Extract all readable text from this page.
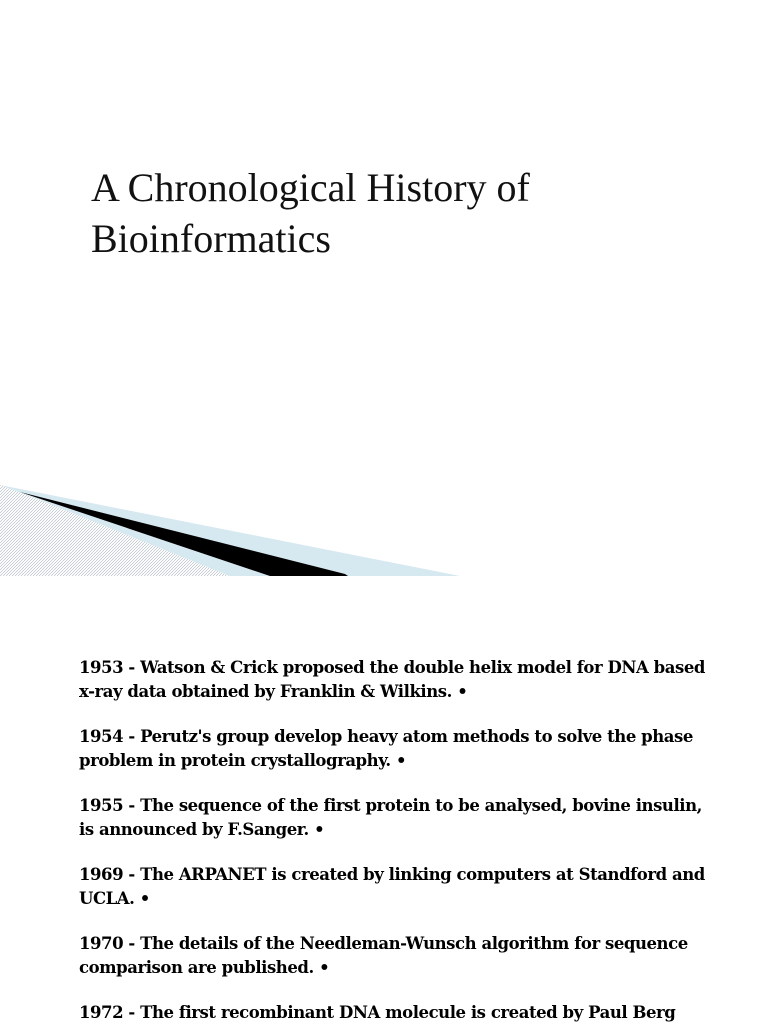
A Chronological History of
Bioinformatics
1953 - Watson & Crick proposed the double helix model for DNA based
x-ray data obtained by Franklin & Wilkins. •
1954 - Perutz's group develop heavy atom methods to solve the phase
problem in protein crystallography. •
1955 - The sequence of the first protein to be analysed, bovine insulin,
is announced by F.Sanger. •
1969 - The ARPANET is created by linking computers at Standford and
UCLA. •
1970 - The details of the Needleman-Wunsch algorithm for sequence
comparison are published. •
1972 - The first recombinant DNA molecule is created by Paul Berg
